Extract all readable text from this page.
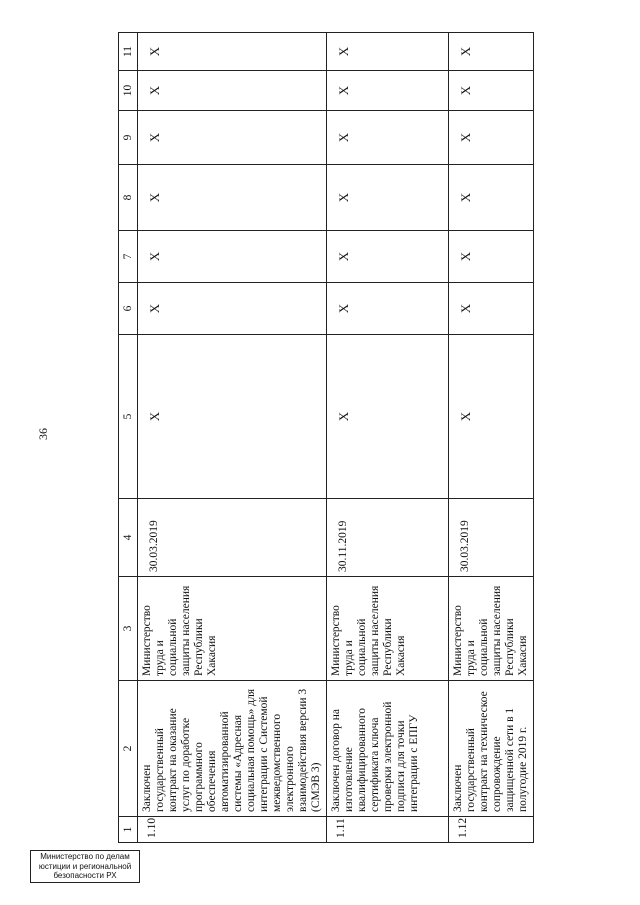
36
1	2	3	4	5	6	7	8	9	10	11
1.10	Заключен государственный контракт на оказание услуг по доработке программного обеспечения автоматизированной системы «Адресная социальная помощь» для интеграции с Системой межведомственного электронного взаимодействия версии 3 (СМЭВ 3)	Министерство труда и социальной защиты населения Республики Хакасия	30.03.2019	X	X	X	X	X	X	X
1.11	Заключен договор на изготовление квалифицированного сертификата ключа проверки электронной подписи для точки интеграции с ЕПГУ	Министерство труда и социальной защиты населения Республики Хакасия	30.11.2019	X	X	X	X	X	X	X
1.12	Заключен государственный контракт на техническое сопровождение защищенной сети в 1 полугодие 2019 г.	Министерство труда и социальной защиты населения Республики Хакасия	30.03.2019	X	X	X	X	X	X	X
Министерство по делам юстиции и региональной безопасности РХ
